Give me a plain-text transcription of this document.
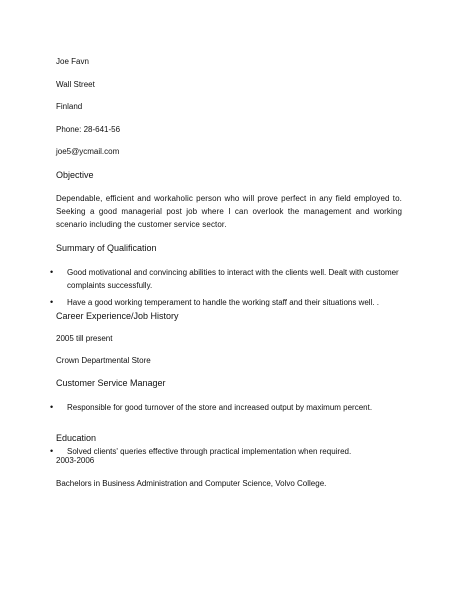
Joe Favn
Wall Street
Finland
Phone: 28-641-56
joe5@ycmail.com
Objective
Dependable, efficient and workaholic person who will prove perfect in any field employed to. Seeking a good managerial post job where I can overlook the management and working scenario including the customer service sector.
Summary of Qualification
• Good motivational and convincing abilities to interact with the clients well. Dealt with customer complaints successfully.
• Have a good working temperament to handle the working staff and their situations well. .
Career Experience/Job History
2005 till present
Crown Departmental Store
Customer Service Manager
• Responsible for good turnover of the store and increased output by maximum percent.
• Solved clients' queries effective through practical implementation when required.
Education
2003-2006
Bachelors in Business Administration and Computer Science, Volvo College.
